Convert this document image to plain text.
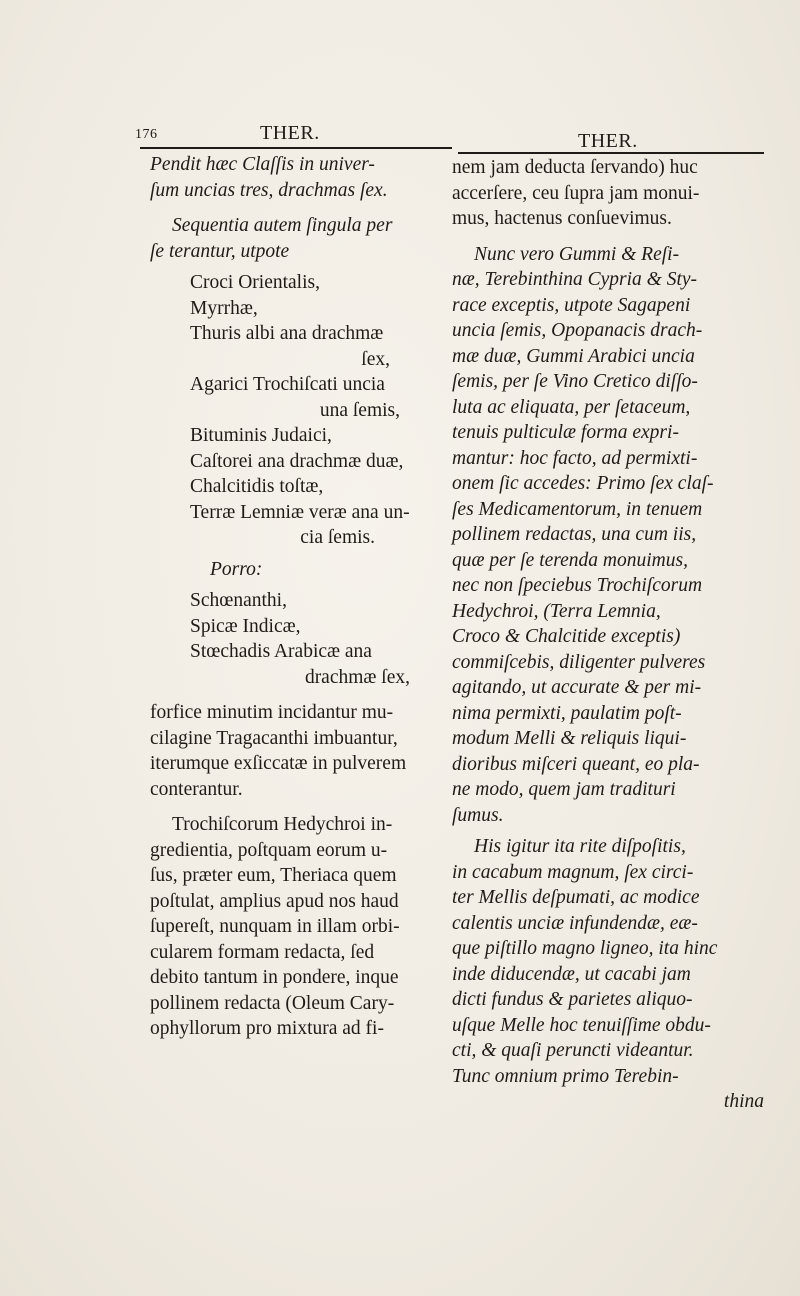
176	THER.	THER.

Pendit hæc Claſſis in univer-

ſum uncias tres, drachmas ſex.

Sequentia autem ſingula per

ſe terantur, utpote

Croci Orientalis,

Myrrhæ,

Thuris albi ana drachmæ

ſex,

Agarici Trochiſcati uncia

una ſemis,

Bituminis Judaici,

Caſtorei ana drachmæ duæ,

Chalcitidis toſtæ,

Terræ Lemniæ veræ ana un-

cia ſemis.

Porro:

Schœnanthi,

Spicæ Indicæ,

Stœchadis Arabicæ ana

drachmæ ſex,

forfice minutim incidantur mu-

cilagine Tragacanthi imbuantur,

iterumque exſiccatæ in pulverem

conterantur.

Trochiſcorum Hedychroi in-

gredientia, poſtquam eorum u-

ſus, præter eum, Theriaca quem

poſtulat, amplius apud nos haud

ſupereſt, nunquam in illam orbi-

cularem formam redacta, ſed

debito tantum in pondere, inque

pollinem redacta (Oleum Cary-

ophyllorum pro mixtura ad fi-

nem jam deducta ſervando) huc

accerſere, ceu ſupra jam monui-

mus, hactenus conſuevimus.

Nunc vero Gummi & Reſi-

næ, Terebinthina Cypria & Sty-

race exceptis, utpote Sagapeni

uncia ſemis, Opopanacis drach-

mæ duæ, Gummi Arabici uncia

ſemis, per ſe Vino Cretico diſſo-

luta ac eliquata, per ſetaceum,

tenuis pulticulæ forma expri-

mantur: hoc facto, ad permixti-

onem ſic accedes: Primo ſex claſ-

ſes Medicamentorum, in tenuem

pollinem redactas, una cum iis,

quæ per ſe terenda monuimus,

nec non ſpeciebus Trochiſcorum

Hedychroi, (Terra Lemnia,

Croco & Chalcitide exceptis)

commiſcebis, diligenter pulveres

agitando, ut accurate & per mi-

nima permixti, paulatim poſt-

modum Melli & reliquis liqui-

dioribus miſceri queant, eo pla-

ne modo, quem jam tradituri

ſumus.

His igitur ita rite diſpoſitis,

in cacabum magnum, ſex circi-

ter Mellis deſpumati, ac modice

calentis unciæ infundendæ, eæ-

que piſtillo magno ligneo, ita hinc

inde diducendæ, ut cacabi jam

dicti fundus & parietes aliquo-

uſque Melle hoc tenuiſſime obdu-

cti, & quaſi peruncti videantur.

Tunc omnium primo Terebin-

thina
